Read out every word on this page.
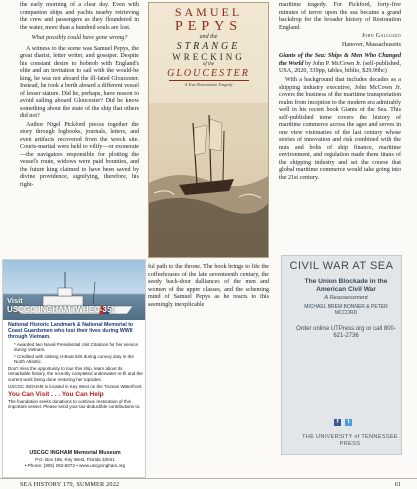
the early morning of a clear day. Even with companion ships and yachts nearby retrieving the crew and passengers as they floundered in the water, more than a hundred souls are lost.

What possibly could have gone wrong?

A witness to the scene was Samuel Pepys, the great diarist, letter writer, and gossiper. Despite his constant desire to hobnob with England's elite and an invitation to sail with the would-be king, he was not aboard the ill-fated Gloucester. Instead, he took a berth aboard a different vessel of lesser stature. Did he, perhaps, have reason to avoid sailing aboard Gloucester? Did he know something about the state of the ship that others did not?

Author Nigel Pickford pieces together the story through logbooks, journals, letters, and even artifacts recovered from the wreck site. Courts-martial were held to vilify—or exonerate—the navigators responsible for plotting the vessel's route, widows were paid bounties, and the future king claimed to have been saved by divine providence, signifying, therefore, his right-

SAMUEL
PEPYS
and the
STRANGE
WRECKING
of the
GLOUCESTER
A True Restoration Tragedy

ful path to the throne. The book brings to life the coffeehouses of the late seventeenth century, the seedy back-door dalliances of the men and women of the upper classes, and the scheming mind of Samuel Pepys as he reacts to this seemingly inexplicable

maritime tragedy. For Pickford, forty-five minutes of terror upon the sea became a grand backdrop for the broader history of Restoration England.

John Galluzzo

Hanover, Massachusetts

Giants of the Sea: Ships & Men Who Changed the World by John P. McCown Jr. (self-published, USA, 2020, 339pp, tables, biblio, $29.99hc)

With a background that includes decades as a shipping industry executive, John McCown Jr. covers the business of the maritime transportation realm from inception to the modern era admirably well in his recent book Giants of the Sea. This self-published tome covers the history of maritime commerce across the ages and serves in one view visionaries of the last century whose stories of innovation and risk combined with the nuts and bolts of ship finance, maritime environment, and regulation made them titans of the shipping industry and set the course that global maritime commerce would take going into the 21st century.

Visit
USCGC INGHAM (WHEC-35)
National Historic Landmark & National Memorial to Coast Guardsmen who lost their lives during WWII through Vietnam.
* Awarded two Naval Presidential Unit Citations for her service during Vietnam.
* Credited with sinking U-Boat 626 during convoy duty in the North Atlantic.

Don't miss the opportunity to tour this ship, learn about its remarkable history, the recently completed underwater re-fit and the current work being done restoring her topsides.

USCGC INGHAM is located in Key West on the Truman Waterfront.

You Can Visit . . . You Can Help

The foundation seeks donations to continue restoration of this important vessel. Please send your tax-deductible contributions to:

USCGC INGHAM Memorial Museum
P.O. Box 186, Key West, Florida 33041
• Phone: (305) 292-5072 • www.uscgcingham.org
CIVIL WAR AT SEA
The Union Blockade in the American Civil War
A Reassessment
MICHAEL BREM BONNER & PETER MCCORD
Order online UTPress.org or call 800-621-2736
f	t
THE UNIVERSITY of TENNESSEE PRESS
SEA HISTORY 179, SUMMER 2022	61
